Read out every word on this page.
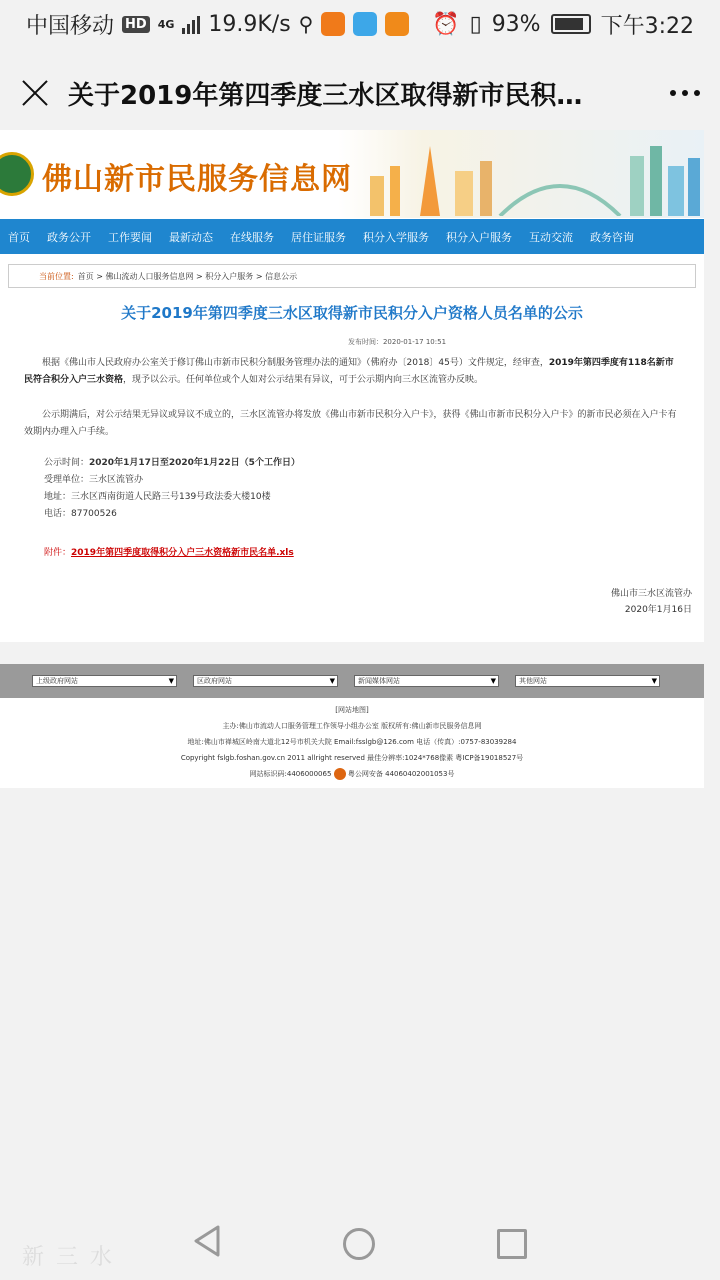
中国移动 HD 4G 19.9K/s ⚲	⏰ ▯ 93%	下午3:22
关于2019年第四季度三水区取得新市民积…
佛山新市民服务信息网
首页 政务公开 工作要闻 最新动态 在线服务 居住证服务 积分入学服务 积分入户服务 互动交流 政务咨询
当前位置: 首页 > 佛山流动人口服务信息网 > 积分入户服务 > 信息公示
关于2019年第四季度三水区取得新市民积分入户资格人员名单的公示
发布时间：2020-01-17 10:51
根据《佛山市人民政府办公室关于修订佛山市新市民积分制服务管理办法的通知》（佛府办〔2018〕45号）文件规定，经审查，2019年第四季度有118名新市民符合积分入户三水资格，现予以公示。任何单位或个人如对公示结果有异议，可于公示期内向三水区流管办反映。
公示期满后，对公示结果无异议或异议不成立的，三水区流管办将发放《佛山市新市民积分入户卡》，获得《佛山市新市民积分入户卡》的新市民必须在入户卡有效期内办理入户手续。
公示时间：2020年1月17日至2020年1月22日（5个工作日）
受理单位：三水区流管办
地址：三水区西南街道人民路三号139号政法委大楼10楼
电话：87700526
附件：2019年第四季度取得积分入户三水资格新市民名单.xls
佛山市三水区流管办
2020年1月16日
上级政府网站 ▼	区政府网站 ▼	新闻媒体网站 ▼	其他网站 ▼
[网站地图]
主办:佛山市流动人口服务管理工作领导小组办公室 版权所有:佛山新市民服务信息网
地址:佛山市禅城区岭南大道北12号市机关大院 Email:fsslgb@126.com 电话（传真）:0757-83039284
Copyright fslgb.foshan.gov.cn 2011 allright reserved 最佳分辨率:1024*768像素 粤ICP备19018527号
网站标识码:4406000065 粤公网安备 44060402001053号
新三水
